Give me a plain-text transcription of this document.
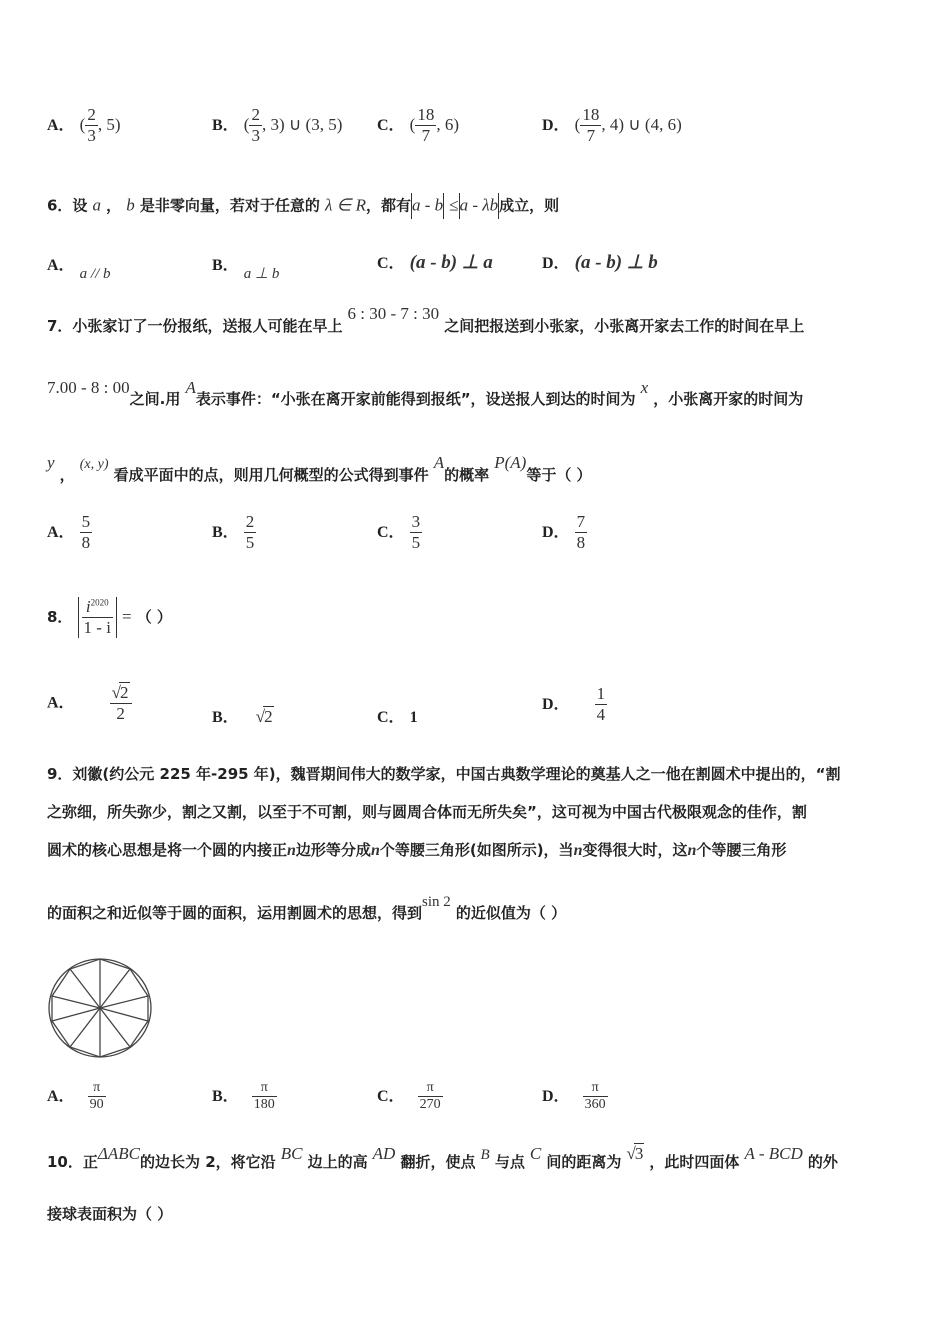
A． ( $\frac{2}{3}$ , 5)	B． ( $\frac{2}{3}$ , 3) ∪ (3, 5) C． ( $\frac{18}{7}$ , 6)	D． ( $\frac{18}{7}$ , 4) ∪ (4, 6)
6．设 a ， b 是非零向量，若对于任意的 λ ∈ R，都有a - b ≤a - λb成立，则
A． a // b	B． a ⊥ b
C． (a - b) ⊥ a	D． (a - b) ⊥ b
7．小张家订了一份报纸，送报人可能在早上 6 : 30 - 7 : 30 之间把报送到小张家，小张离开家去工作的时间在早上
7.00 - 8 : 00之间.用 A表示事件：“小张在离开家前能得到报纸”，设送报人到达的时间为 x ，小张离开家的时间为
y ， (x, y) 看成平面中的点，则用几何概型的公式得到事件 A的概率 P(A)等于（ ）
A． $\frac{5}{8}$	B． $\frac{2}{5}$	C． $\frac{3}{5}$	D． $\frac{7}{8}$
8． $\frac{i^{2020}}{1 - i}$ = （ ）
A． $\frac{√2}{2}$	B． √2	C． 1
D． $\frac{1}{4}$
9．刘徽(约公元 225 年-295 年)，魏晋期间伟大的数学家，中国古典数学理论的奠基人之一他在割圆术中提出的，“割
之弥细，所失弥少，割之又割，以至于不可割，则与圆周合体而无所失矣”，这可视为中国古代极限观念的佳作，割
圆术的核心思想是将一个圆的内接正n边形等分成n个等腰三角形(如图所示)，当n变得很大时，这n个等腰三角形
的面积之和近似等于圆的面积，运用割圆术的思想，得到sin 2 的近似值为（ ）
A． $\frac{\pi}{90}$	B． $\frac{\pi}{180}$	C． $\frac{\pi}{270}$	D． $\frac{\pi}{360}$
10．正ΔABC的边长为 2，将它沿 BC 边上的高 AD 翻折，使点 B 与点 C 间的距离为 √3 ，此时四面体 A - BCD 的外
接球表面积为（ ）
